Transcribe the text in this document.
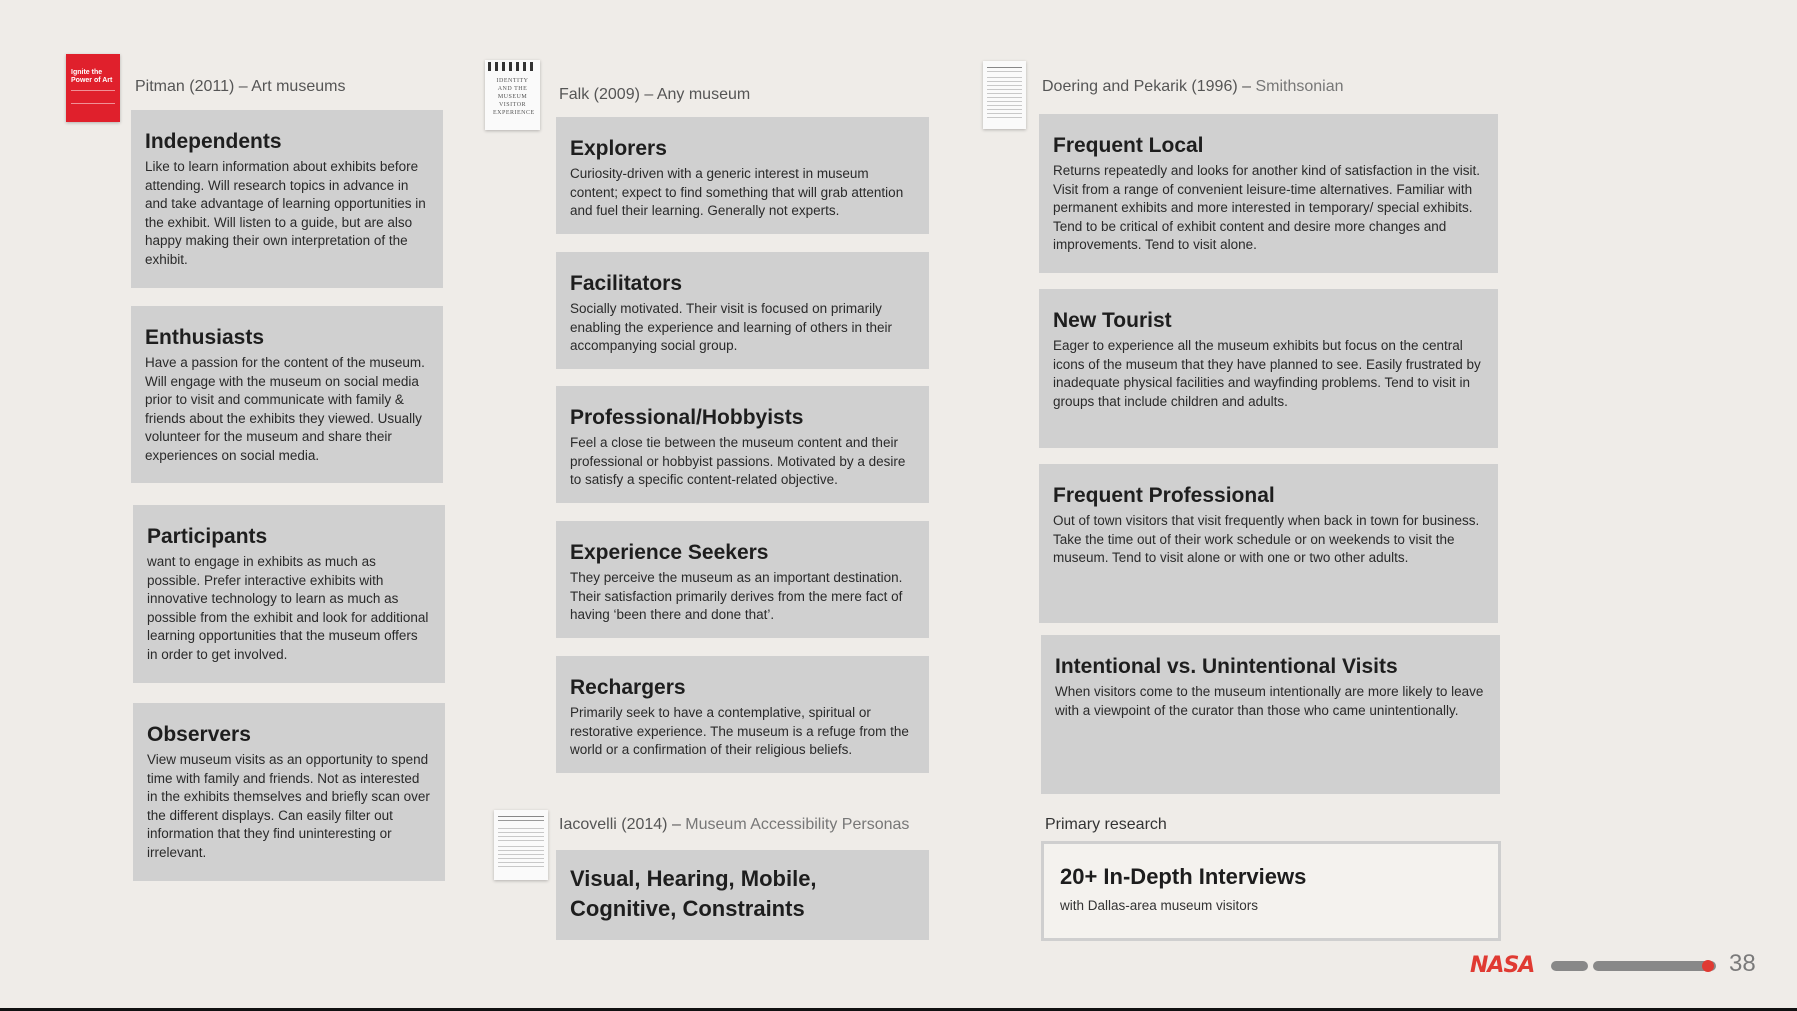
Ignite the
Power of Art	Pitman (2011) – Art museums
Independents

Like to learn information about exhibits before attending. Will research topics in advance in and take advantage of learning opportunities in the exhibit. Will listen to a guide, but are also happy making their own interpretation of the exhibit.

Enthusiasts

Have a passion for the content of the museum. Will engage with the museum on social media prior to visit and communicate with family & friends about the exhibits they viewed. Usually volunteer for the museum and share their experiences on social media.

Participants

want to engage in exhibits as much as possible. Prefer interactive exhibits with innovative technology to learn as much as possible from the exhibit and look for additional learning opportunities that the museum offers in order to get involved.

Observers

View museum visits as an opportunity to spend time with family and friends. Not as interested in the exhibits themselves and briefly scan over the different displays. Can easily filter out information that they find uninteresting or irrelevant.

IDENTITY AND THE MUSEUM VISITOR EXPERIENCE
Falk (2009) – Any museum
Explorers

Curiosity-driven with a generic interest in museum content; expect to find something that will grab attention and fuel their learning. Generally not experts.

Facilitators

Socially motivated. Their visit is focused on primarily enabling the experience and learning of others in their accompanying social group.

Professional/Hobbyists

Feel a close tie between the museum content and their professional or hobbyist passions. Motivated by a desire to satisfy a specific content-related objective.

Experience Seekers

They perceive the museum as an important destination. Their satisfaction primarily derives from the mere fact of having ‘been there and done that’.

Rechargers

Primarily seek to have a contemplative, spiritual or restorative experience. The museum is a refuge from the world or a confirmation of their religious beliefs.

Iacovelli (2014) – Museum Accessibility Personas
Visual, Hearing, Mobile, Cognitive, Constraints
Doering and Pekarik (1996) – Smithsonian
Frequent Local

Returns repeatedly and looks for another kind of satisfaction in the visit. Visit from a range of convenient leisure-time alternatives. Familiar with permanent exhibits and more interested in temporary/ special exhibits. Tend to be critical of exhibit content and desire more changes and improvements. Tend to visit alone.

New Tourist

Eager to experience all the museum exhibits but focus on the central icons of the museum that they have planned to see. Easily frustrated by inadequate physical facilities and wayfinding problems. Tend to visit in groups that include children and adults.

Frequent Professional

Out of town visitors that visit frequently when back in town for business. Take the time out of their work schedule or on weekends to visit the museum. Tend to visit alone or with one or two other adults.

Intentional vs. Unintentional Visits

When visitors come to the museum intentionally are more likely to leave with a viewpoint of the curator than those who came unintentionally.

Primary research
20+ In-Depth Interviews

with Dallas-area museum visitors

NASA	38
